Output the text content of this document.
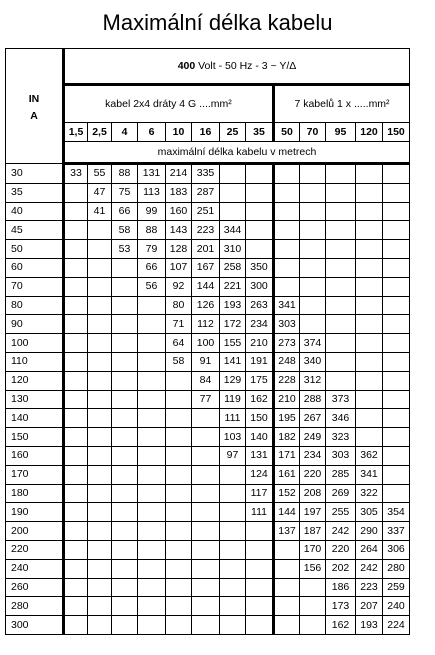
Maximální délka kabelu
IN
A	400 Volt - 50 Hz - 3 ~ Y/Δ												
	kabel 2x4 dráty 4 G ....mm²								7 kabelů 1 x .....mm²				
	1,5	2,5	4	6	10	16	25	35	50	70	95	120	150
	maximální délka kabelu v metrech												
30	33	55	88	131	214	335							
35		47	75	113	183	287							
40		41	66	99	160	251							
45			58	88	143	223	344						
50			53	79	128	201	310						
60				66	107	167	258	350					
70				56	92	144	221	300					
80					80	126	193	263	341				
90					71	112	172	234	303				
100					64	100	155	210	273	374			
110					58	91	141	191	248	340			
120						84	129	175	228	312			
130						77	119	162	210	288	373		
140							111	150	195	267	346		
150							103	140	182	249	323		
160							97	131	171	234	303	362	
170								124	161	220	285	341	
180								117	152	208	269	322	
190								111	144	197	255	305	354
200									137	187	242	290	337
220										170	220	264	306
240										156	202	242	280
260											186	223	259
280											173	207	240
300											162	193	224
